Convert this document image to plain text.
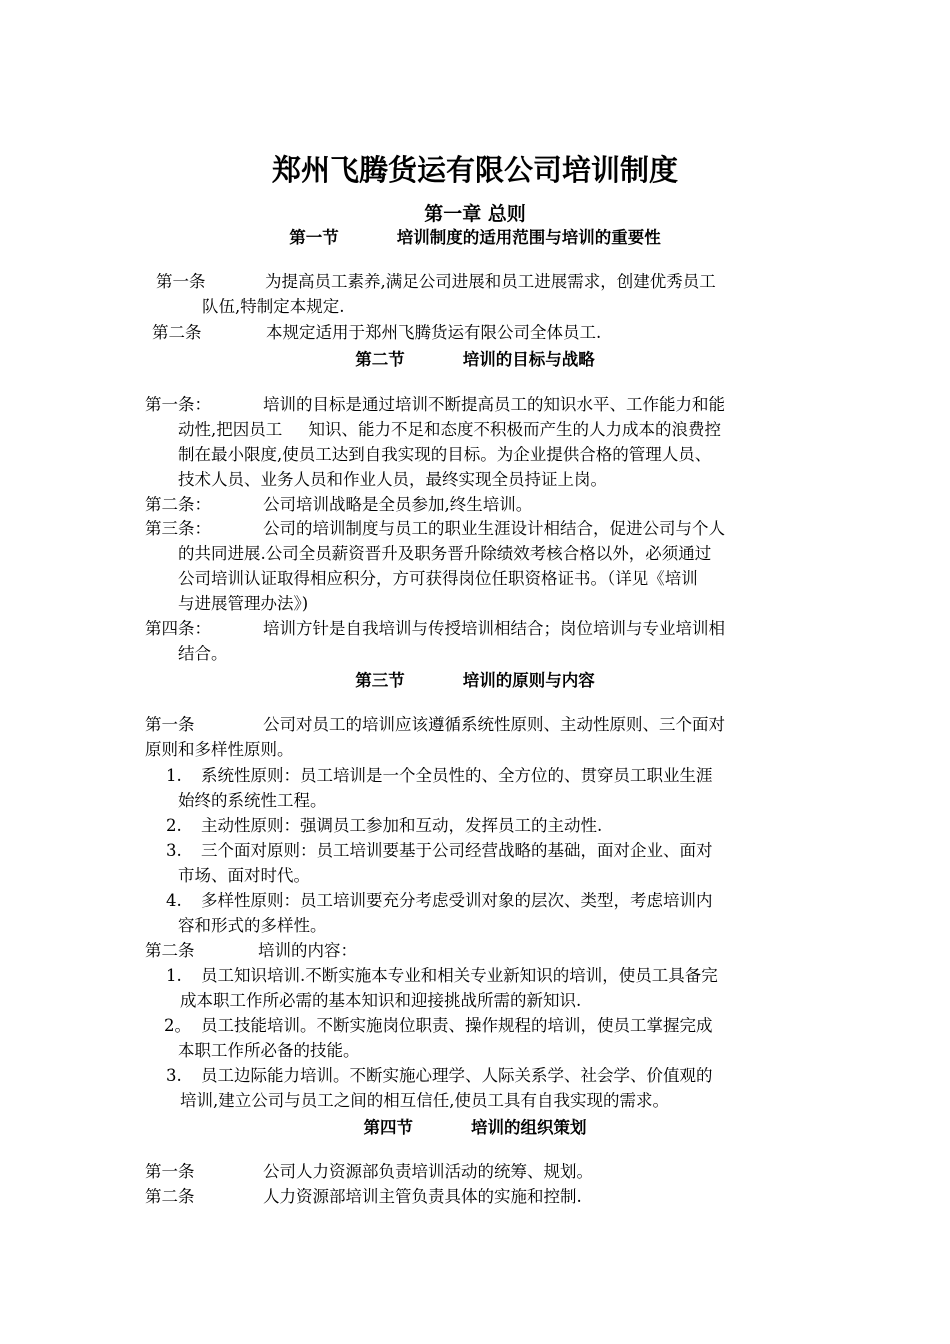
郑州飞腾货运有限公司培训制度
第一章 总则
第一节	培训制度的适用范围与培训的重要性
第一条	为提高员工素养,满足公司进展和员工进展需求，创建优秀员工
队伍,特制定本规定.
第二条	本规定适用于郑州飞腾货运有限公司全体员工.
第二节	培训的目标与战略
第一条：	培训的目标是通过培训不断提高员工的知识水平、工作能力和能
动性,把因员工     知识、能力不足和态度不积极而产生的人力成本的浪费控
制在最小限度,使员工达到自我实现的目标。为企业提供合格的管理人员、
技术人员、业务人员和作业人员，最终实现全员持证上岗。
第二条：	公司培训战略是全员参加,终生培训。
第三条：	公司的培训制度与员工的职业生涯设计相结合，促进公司与个人
的共同进展.公司全员薪资晋升及职务晋升除绩效考核合格以外，必须通过
公司培训认证取得相应积分，方可获得岗位任职资格证书。（详见《培训
与进展管理办法》)
第四条：	培训方针是自我培训与传授培训相结合；岗位培训与专业培训相
结合。
第三节	培训的原则与内容
第一条	公司对员工的培训应该遵循系统性原则、主动性原则、三个面对
原则和多样性原则。
1. 系统性原则：员工培训是一个全员性的、全方位的、贯穿员工职业生涯
始终的系统性工程。
2. 主动性原则：强调员工参加和互动，发挥员工的主动性.
3. 三个面对原则：员工培训要基于公司经营战略的基础，面对企业、面对
市场、面对时代。
4. 多样性原则：员工培训要充分考虑受训对象的层次、类型，考虑培训内
容和形式的多样性。
第二条	培训的内容：
1. 员工知识培训.不断实施本专业和相关专业新知识的培训，使员工具备完
成本职工作所必需的基本知识和迎接挑战所需的新知识.
2。 员工技能培训。不断实施岗位职责、操作规程的培训，使员工掌握完成
本职工作所必备的技能。
3. 员工边际能力培训。不断实施心理学、人际关系学、社会学、价值观的
培训,建立公司与员工之间的相互信任,使员工具有自我实现的需求。
第四节	培训的组织策划
第一条	公司人力资源部负责培训活动的统筹、规划。
第二条	人力资源部培训主管负责具体的实施和控制.
